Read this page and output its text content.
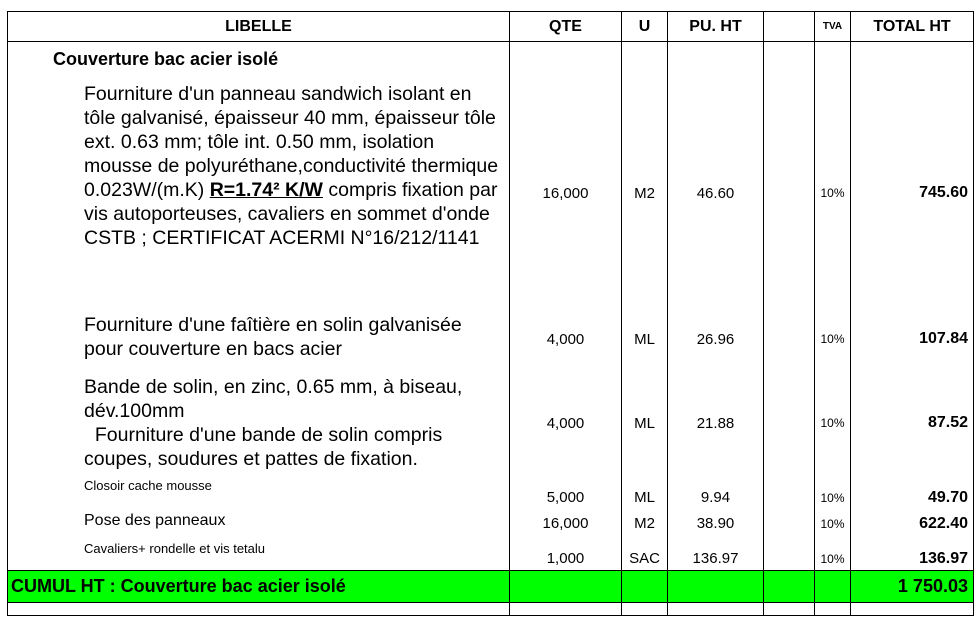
LIBELLE	QTE	U	PU. HT		TVA	TOTAL HT
Couverture bac acier isolé						
Fourniture d'un panneau sandwich isolant en tôle galvanisé, épaisseur 40 mm, épaisseur tôle ext. 0.63 mm; tôle int. 0.50 mm, isolation mousse de polyuréthane,conductivité thermique 0.023W/(m.K) R=1.74² K/W compris fixation par vis autoporteuses, cavaliers en sommet d'onde CSTB ; CERTIFICAT ACERMI N°16/212/1141	16,000	M2	46.60		10%	745.60
Fourniture d'une faîtière en solin galvanisée pour couverture en bacs acier	4,000	ML	26.96		10%	107.84

Bande de solin, en zinc, 0.65 mm, à biseau, dév.100mm
Fourniture d'une bande de solin compris coupes, soudures et pattes de fixation.	4,000	ML	21.88		10%	87.52
Closoir cache mousse	5,000	ML	9.94		10%	49.70
Pose des panneaux	16,000	M2	38.90		10%	622.40
Cavaliers+ rondelle et vis tetalu	1,000	SAC	136.97		10%	136.97
CUMUL HT : Couverture bac acier isolé						1 750.03
